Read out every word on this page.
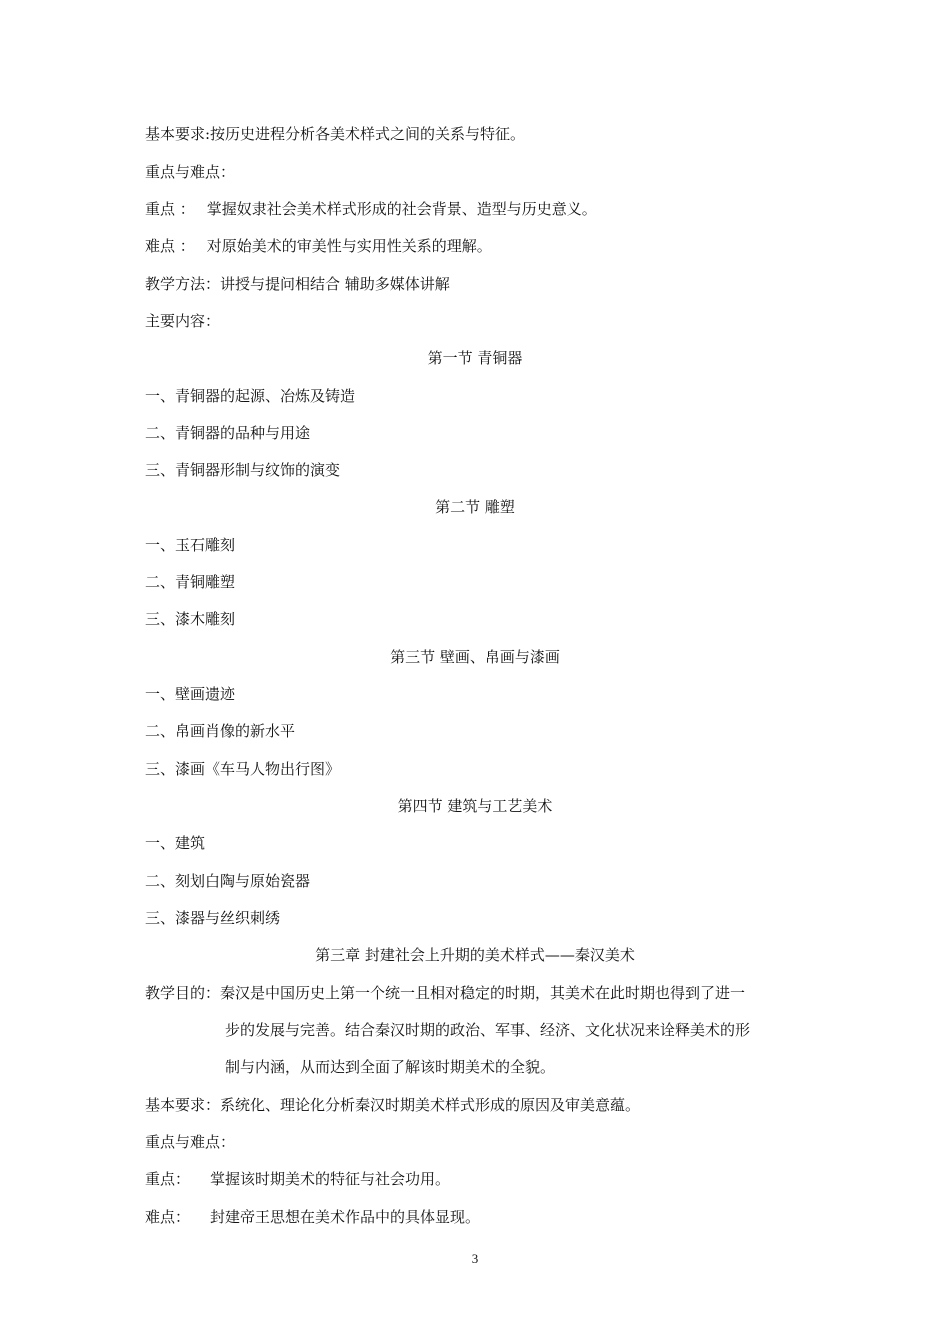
基本要求:按历史进程分析各美术样式之间的关系与特征。
重点与难点：
重点 ： 掌握奴隶社会美术样式形成的社会背景、造型与历史意义。
难点 ： 对原始美术的审美性与实用性关系的理解。
教学方法：讲授与提问相结合 辅助多媒体讲解
主要内容：
第一节 青铜器
一、青铜器的起源、冶炼及铸造
二、青铜器的品种与用途
三、青铜器形制与纹饰的演变
第二节 雕塑
一、玉石雕刻
二、青铜雕塑
三、漆木雕刻
第三节 壁画、帛画与漆画
一、壁画遗迹
二、帛画肖像的新水平
三、漆画《车马人物出行图》
第四节 建筑与工艺美术
一、建筑
二、刻划白陶与原始瓷器
三、漆器与丝织刺绣
第三章 封建社会上升期的美术样式——秦汉美术
教学目的：秦汉是中国历史上第一个统一且相对稳定的时期，其美术在此时期也得到了进一
步的发展与完善。结合秦汉时期的政治、军事、经济、文化状况来诠释美术的形
制与内涵，从而达到全面了解该时期美术的全貌。
基本要求：系统化、理论化分析秦汉时期美术样式形成的原因及审美意蕴。
重点与难点：
重点： 掌握该时期美术的特征与社会功用。
难点： 封建帝王思想在美术作品中的具体显现。
3
